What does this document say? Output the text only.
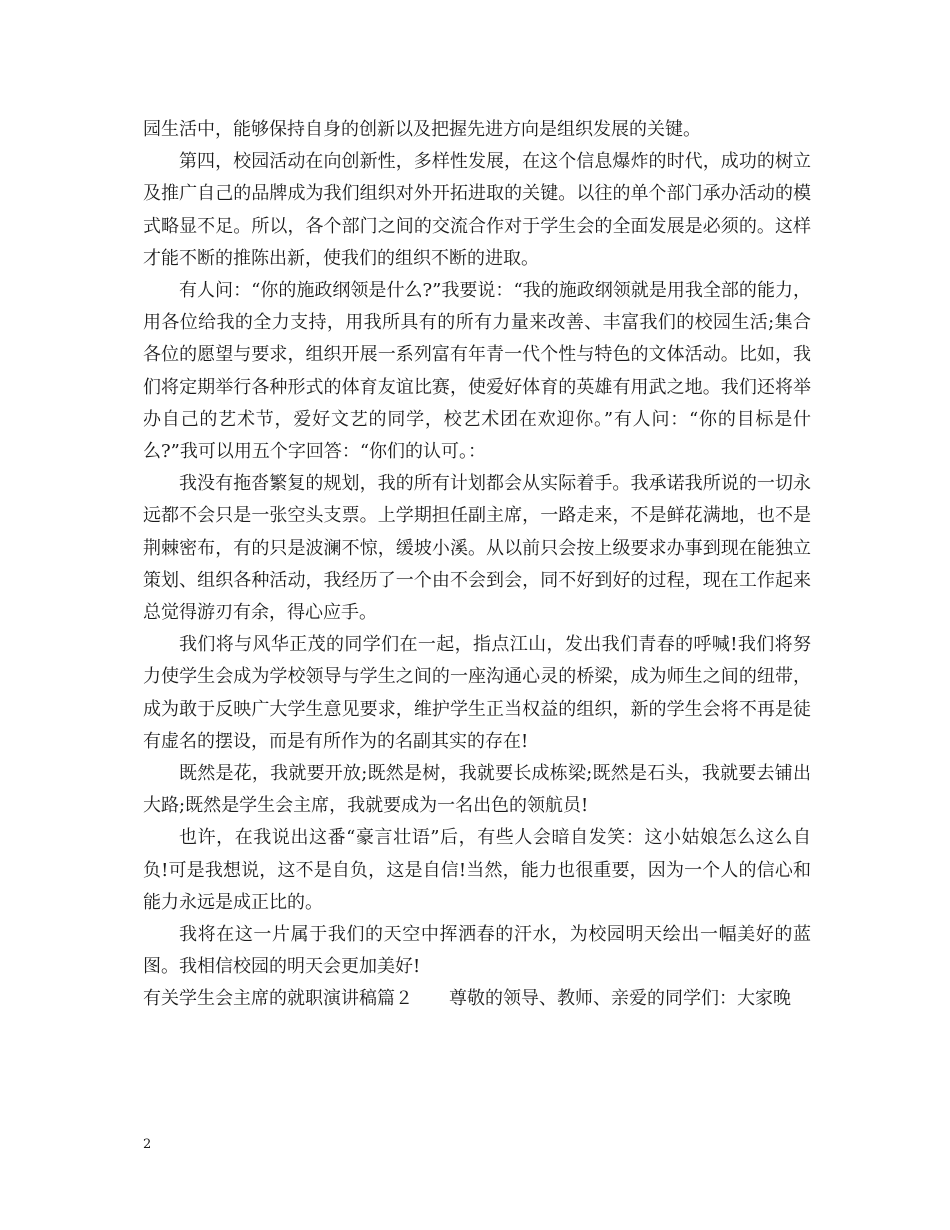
园生活中，能够保持自身的创新以及把握先进方向是组织发展的关键。

第四，校园活动在向创新性，多样性发展，在这个信息爆炸的时代，成功的树立及推广自己的品牌成为我们组织对外开拓进取的关键。以往的单个部门承办活动的模式略显不足。所以，各个部门之间的交流合作对于学生会的全面发展是必须的。这样才能不断的推陈出新，使我们的组织不断的进取。

有人问：“你的施政纲领是什么?”我要说：“我的施政纲领就是用我全部的能力，用各位给我的全力支持，用我所具有的所有力量来改善、丰富我们的校园生活;集合各位的愿望与要求，组织开展一系列富有年青一代个性与特色的文体活动。比如，我们将定期举行各种形式的体育友谊比赛，使爱好体育的英雄有用武之地。我们还将举办自己的艺术节，爱好文艺的同学，校艺术团在欢迎你。”有人问：“你的目标是什么?”我可以用五个字回答：“你们的认可。：

我没有拖沓繁复的规划，我的所有计划都会从实际着手。我承诺我所说的一切永远都不会只是一张空头支票。上学期担任副主席，一路走来，不是鲜花满地，也不是荆棘密布，有的只是波澜不惊，缓坡小溪。从以前只会按上级要求办事到现在能独立策划、组织各种活动，我经历了一个由不会到会，同不好到好的过程，现在工作起来总觉得游刃有余，得心应手。

我们将与风华正茂的同学们在一起，指点江山，发出我们青春的呼喊!我们将努力使学生会成为学校领导与学生之间的一座沟通心灵的桥梁，成为师生之间的纽带，成为敢于反映广大学生意见要求，维护学生正当权益的组织，新的学生会将不再是徒有虚名的摆设，而是有所作为的名副其实的存在!

既然是花，我就要开放;既然是树，我就要长成栋梁;既然是石头，我就要去铺出大路;既然是学生会主席，我就要成为一名出色的领航员!

也许，在我说出这番“豪言壮语”后，有些人会暗自发笑：这小姑娘怎么这么自负!可是我想说，这不是自负，这是自信!当然，能力也很重要，因为一个人的信心和能力永远是成正比的。

我将在这一片属于我们的天空中挥洒春的汗水，为校园明天绘出一幅美好的蓝图。我相信校园的明天会更加美好!

有关学生会主席的就职演讲稿篇２　　尊敬的领导、教师、亲爱的同学们：大家晚

2
